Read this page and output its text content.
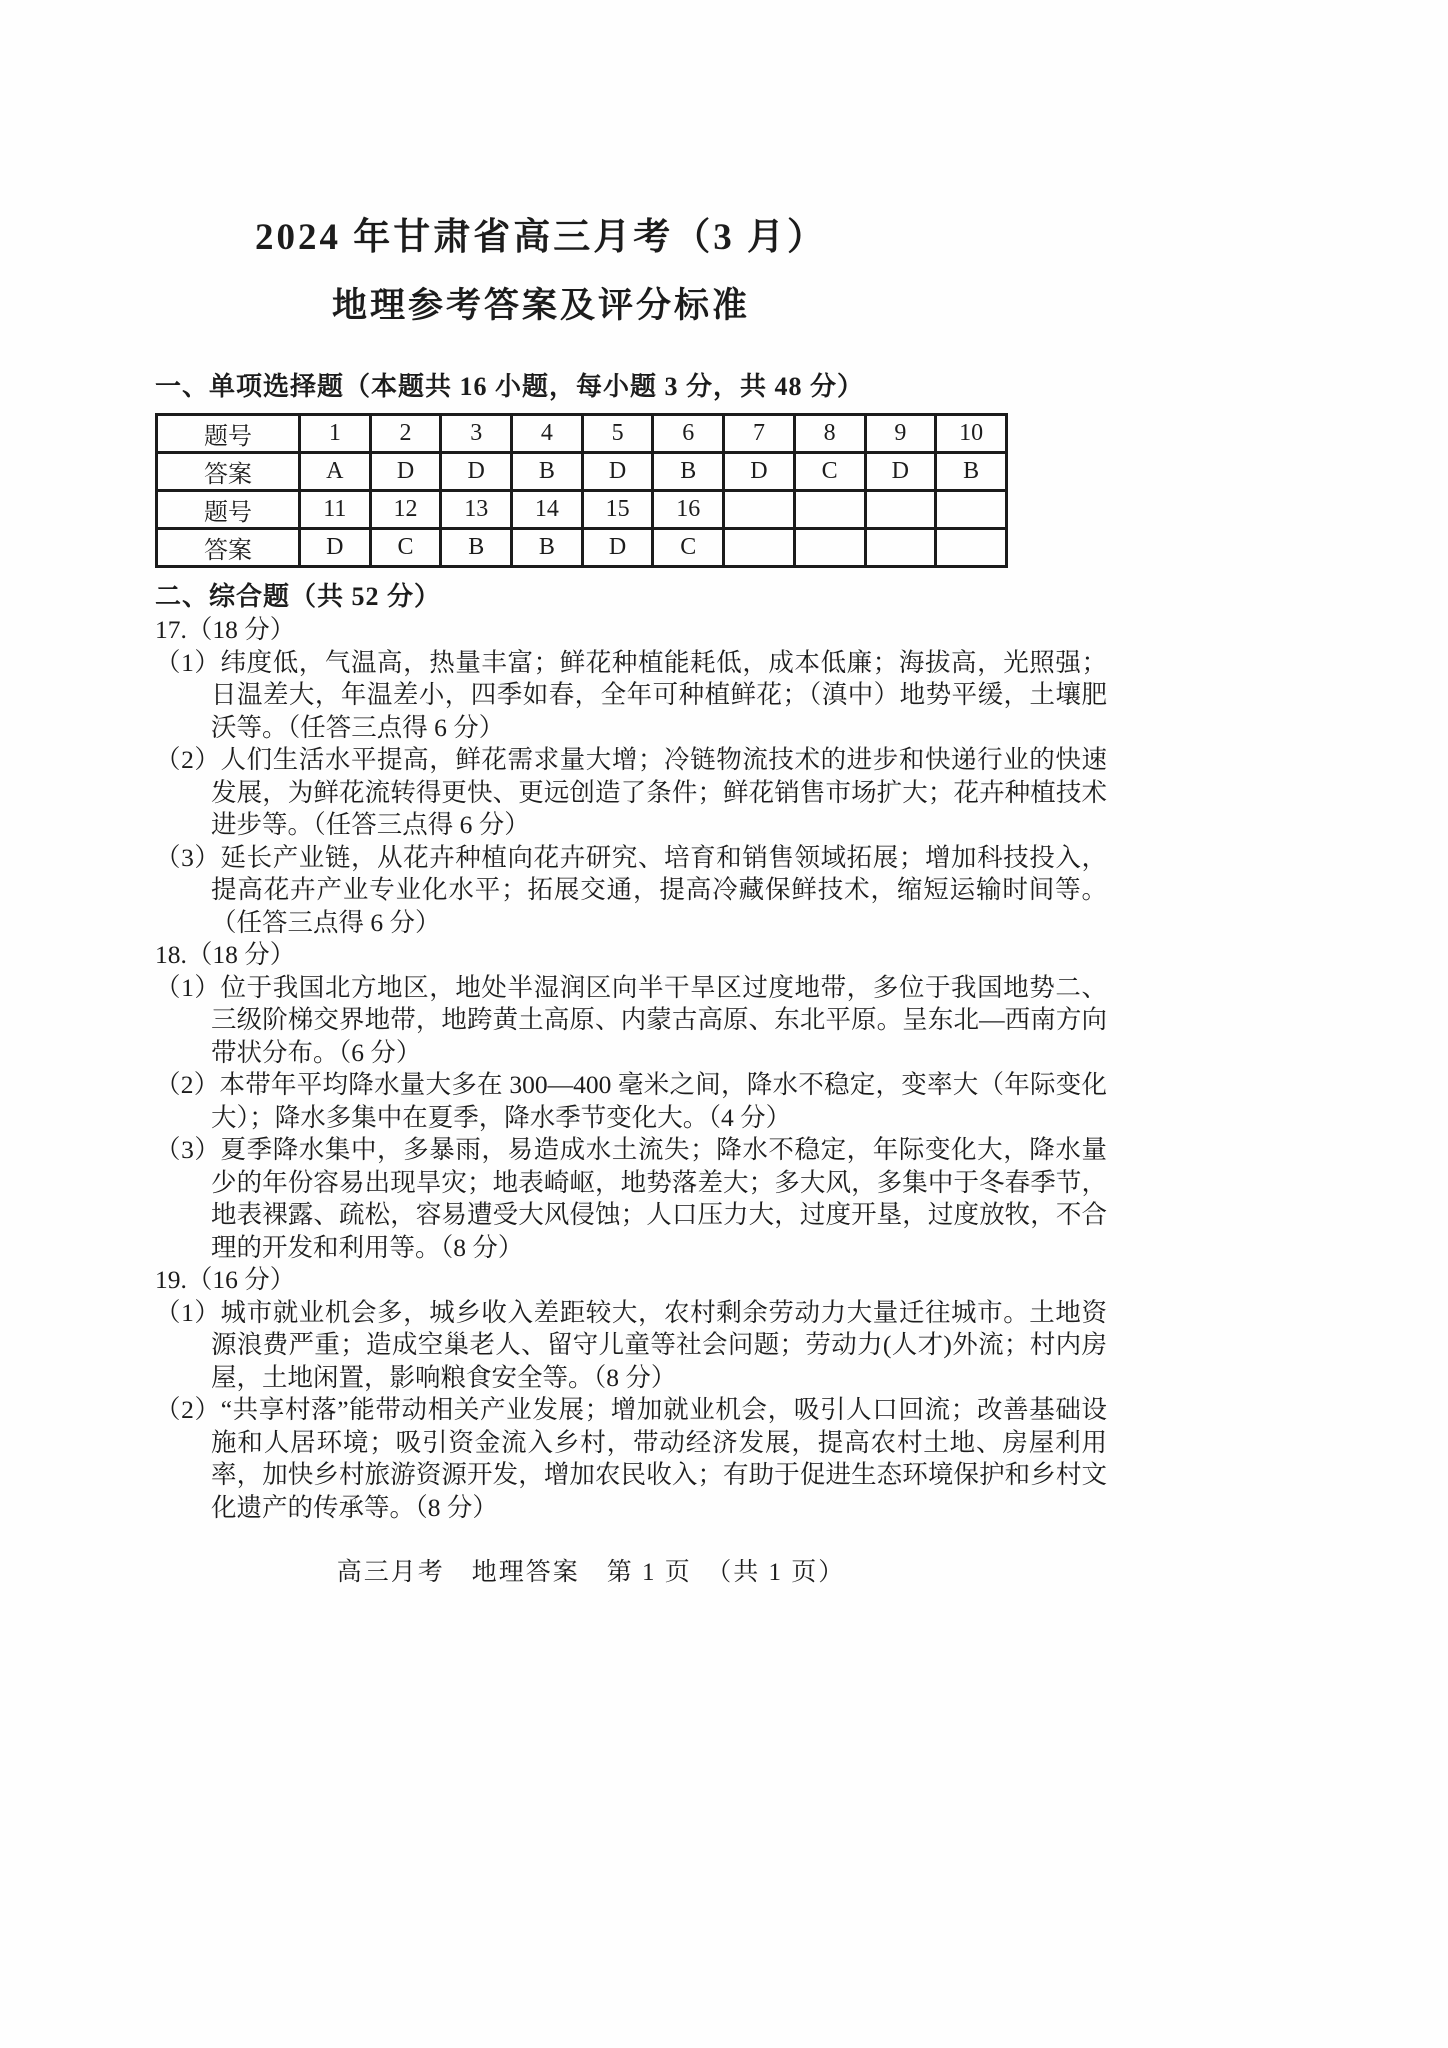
2024 年甘肃省高三月考（3 月）
地理参考答案及评分标准
一、单项选择题（本题共 16 小题，每小题 3 分，共 48 分）
题号	1	2	3	4	5	6	7	8	9	10
答案	A	D	D	B	D	B	D	C	D	B
题号	11	12	13	14	15	16				
答案	D	C	B	B	D	C				
二、综合题（共 52 分）
17.（18 分）

（1）纬度低，气温高，热量丰富；鲜花种植能耗低，成本低廉；海拔高，光照强；日温差大，年温差小，四季如春，全年可种植鲜花；（滇中）地势平缓，土壤肥沃等。（任答三点得 6 分）

（2）人们生活水平提高，鲜花需求量大增；冷链物流技术的进步和快递行业的快速发展，为鲜花流转得更快、更远创造了条件；鲜花销售市场扩大；花卉种植技术进步等。（任答三点得 6 分）

（3）延长产业链，从花卉种植向花卉研究、培育和销售领域拓展；增加科技投入，提高花卉产业专业化水平；拓展交通，提高冷藏保鲜技术，缩短运输时间等。（任答三点得 6 分）

18.（18 分）

（1）位于我国北方地区，地处半湿润区向半干旱区过度地带，多位于我国地势二、三级阶梯交界地带，地跨黄土高原、内蒙古高原、东北平原。呈东北—西南方向带状分布。（6 分）

（2）本带年平均降水量大多在 300—400 毫米之间，降水不稳定，变率大（年际变化大）；降水多集中在夏季，降水季节变化大。（4 分）

（3）夏季降水集中，多暴雨，易造成水土流失；降水不稳定，年际变化大，降水量少的年份容易出现旱灾；地表崎岖，地势落差大；多大风，多集中于冬春季节，地表裸露、疏松，容易遭受大风侵蚀；人口压力大，过度开垦，过度放牧，不合理的开发和利用等。（8 分）

19.（16 分）

（1）城市就业机会多，城乡收入差距较大，农村剩余劳动力大量迁往城市。土地资源浪费严重；造成空巢老人、留守儿童等社会问题；劳动力(人才)外流；村内房屋，土地闲置，影响粮食安全等。（8 分）

（2）“共享村落”能带动相关产业发展；增加就业机会，吸引人口回流；改善基础设施和人居环境；吸引资金流入乡村，带动经济发展，提高农村土地、房屋利用率，加快乡村旅游资源开发，增加农民收入；有助于促进生态环境保护和乡村文化遗产的传承等。（8 分）

高三月考　地理答案　第 1 页　（共 1 页）
